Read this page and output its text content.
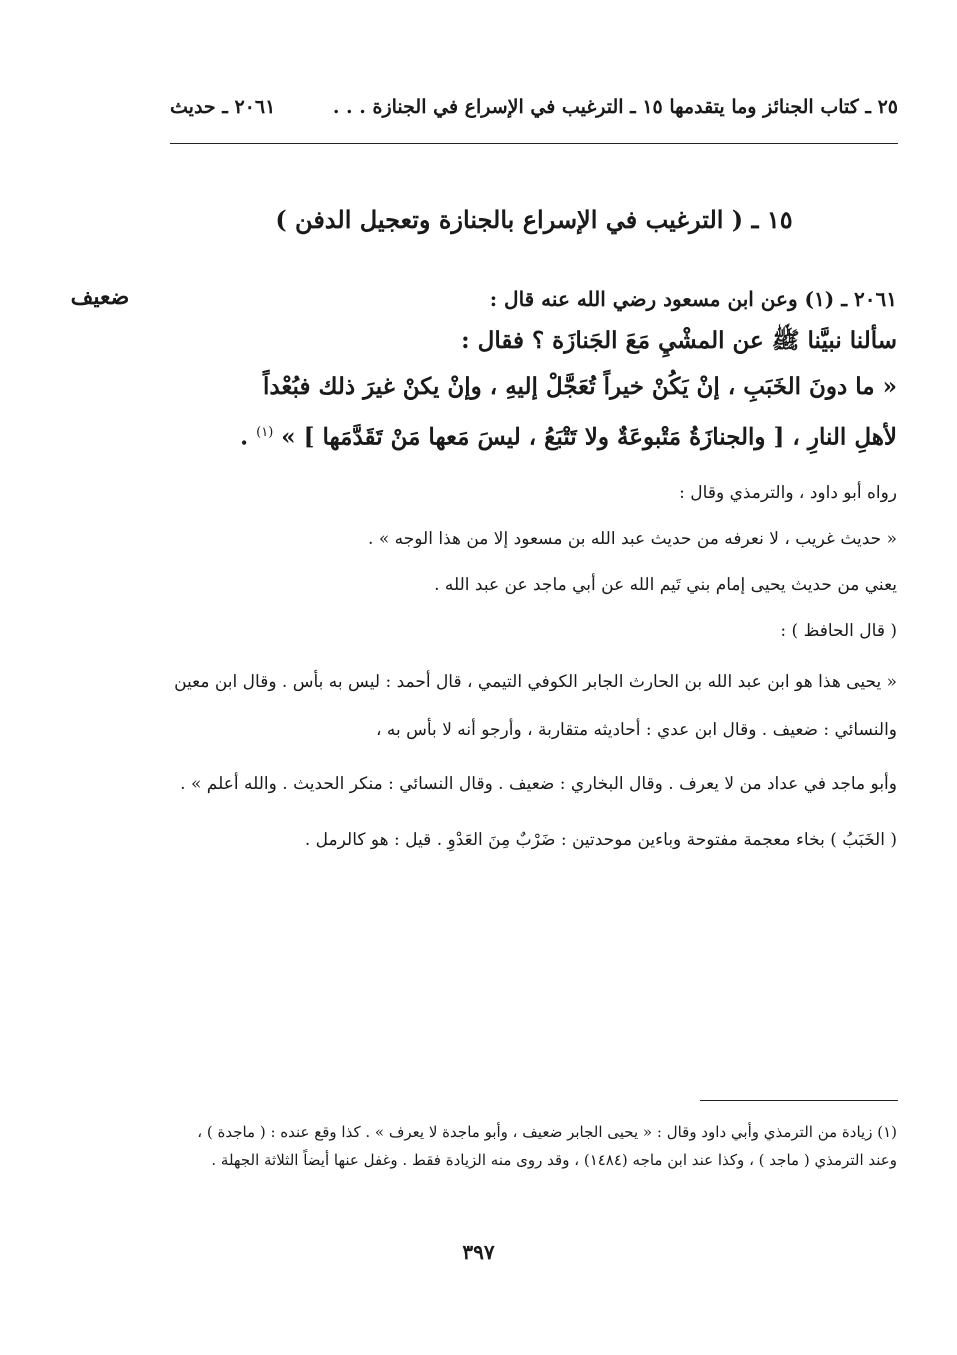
٢٥ ـ كتاب الجنائز وما يتقدمها ١٥ ـ الترغيب في الإسراع في الجنازة . . .
٢٠٦١ ـ حديث
١٥ ـ ( الترغيب في الإسراع بالجنازة وتعجيل الدفن )
ضعيف	٢٠٦١ ـ (١) وعن ابن مسعود رضي الله عنه قال :

سألنا نبيَّنا ﷺ عن المشْيِ مَعَ الجَنازَة ؟ فقال :

« ما دونَ الخَبَبِ ، إنْ يَكُنْ خيراً تُعَجَّلْ إليهِ ، وإنْ يكنْ غيرَ ذلك فبُعْداً

لأهلِ النارِ ، [ والجنازَةُ مَتْبوعَةٌ ولا تَتْبَعُ ، ليسَ مَعها مَنْ تَقَدَّمَها ] » $^{(١)}$ .

رواه أبو داود ، والترمذي وقال :

« حديث غريب ، لا نعرفه من حديث عبد الله بن مسعود إلا من هذا الوجه » .

يعني من حديث يحيى إمام بني تَيم الله عن أبي ماجد عن عبد الله .

( قال الحافظ ) :

« يحيى هذا هو ابن عبد الله بن الحارث الجابر الكوفي التيمي ، قال أحمد : ليس به بأس . وقال ابن معين والنسائي : ضعيف . وقال ابن عدي : أحاديثه متقاربة ، وأرجو أنه لا بأس به ،

وأبو ماجد في عداد من لا يعرف . وقال البخاري : ضعيف . وقال النسائي : منكر الحديث . والله أعلم » .

( الخَبَبُ ) بخاء معجمة مفتوحة وباءين موحدتين : ضَرْبٌ مِنَ العَدْوِ . قيل : هو كالرمل .

(١) زيادة من الترمذي وأبي داود وقال : « يحيى الجابر ضعيف ، وأبو ماجدة لا يعرف » . كذا وقع عنده : ( ماجدة ) ، وعند الترمذي ( ماجد ) ، وكذا عند ابن ماجه (١٤٨٤) ، وقد روى منه الزيادة فقط . وغفل عنها أيضاً الثلاثة الجهلة .

٣٩٧
